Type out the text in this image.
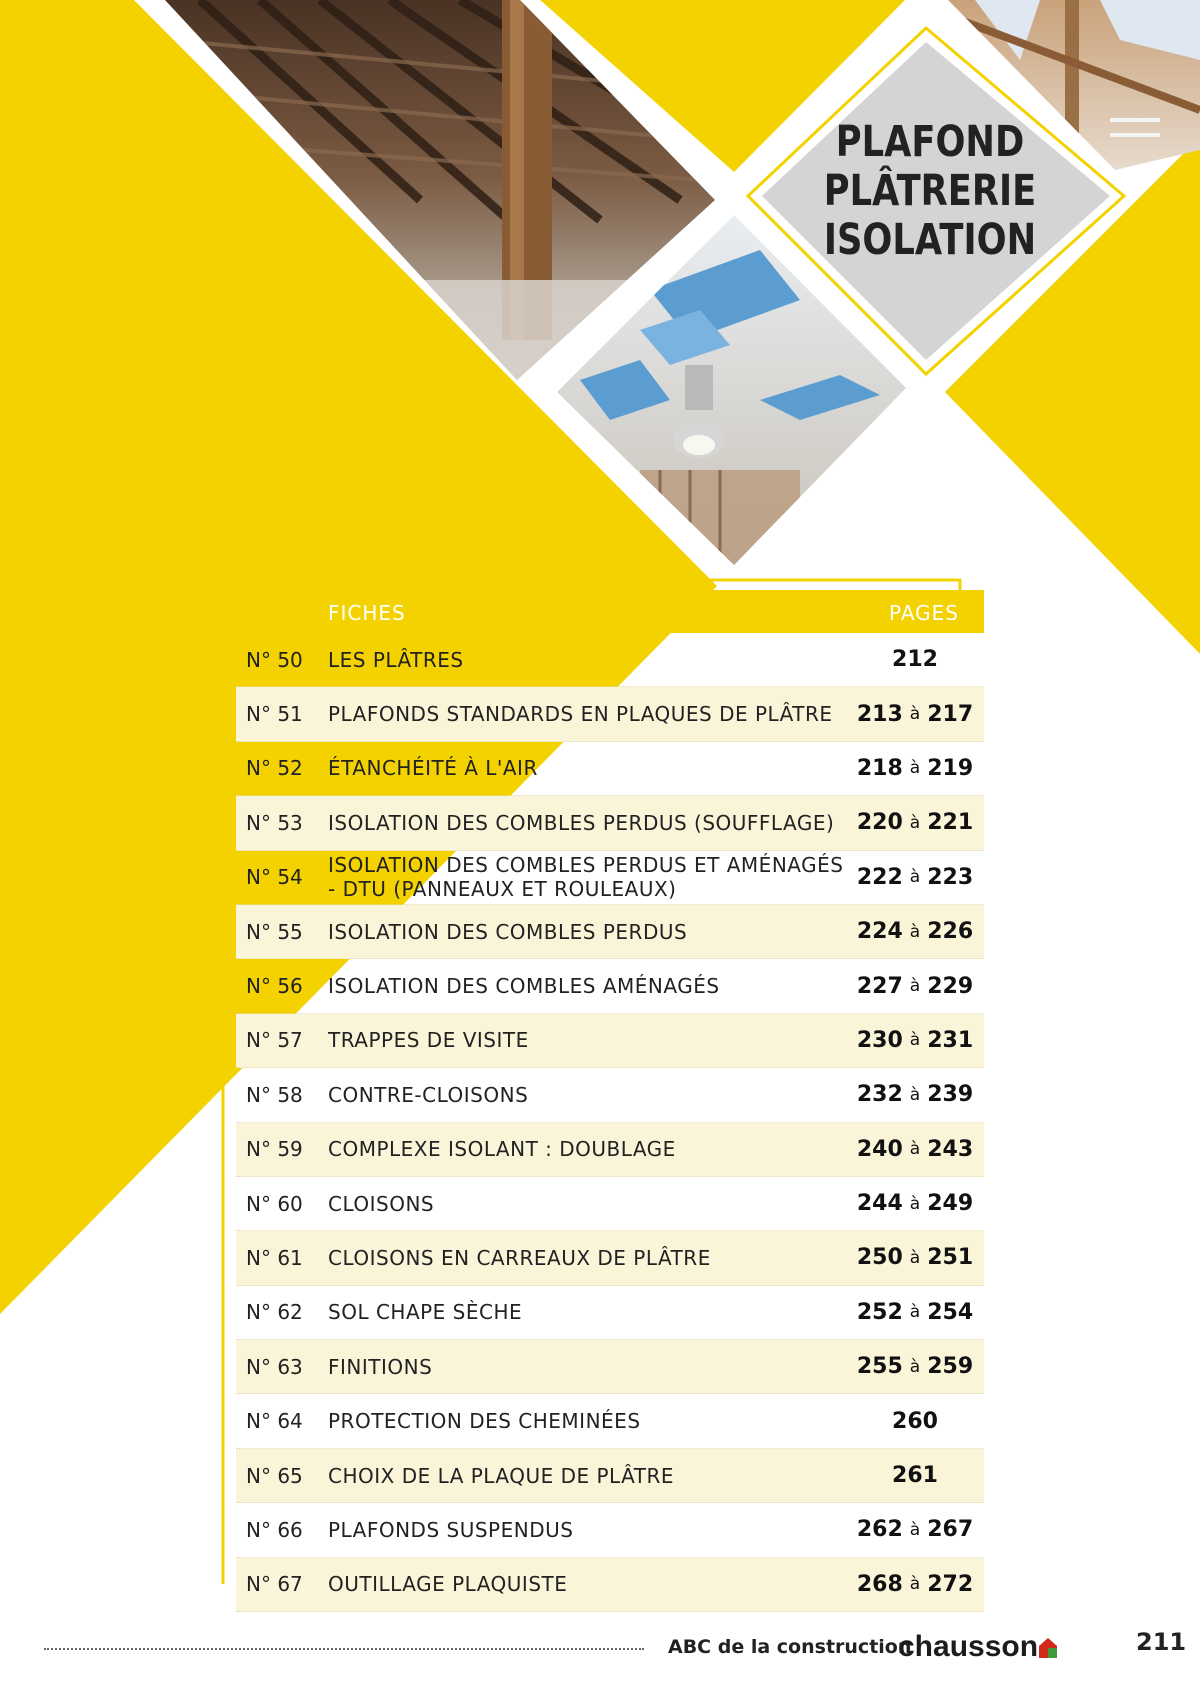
PLAFOND
PLÂTRERIE
ISOLATION
FICHES	PAGES
N° 50 LES PLÂTRES	212
N° 51 PLAFONDS STANDARDS EN PLAQUES DE PLÂTRE	213 à 217
N° 52 ÉTANCHÉITÉ À L'AIR	218 à 219
N° 53 ISOLATION DES COMBLES PERDUS (SOUFFLAGE)	220 à 221
N° 54 ISOLATION DES COMBLES PERDUS ET AMÉNAGÉS - DTU (PANNEAUX ET ROULEAUX)	222 à 223
N° 55 ISOLATION DES COMBLES PERDUS	224 à 226
N° 56 ISOLATION DES COMBLES AMÉNAGÉS	227 à 229
N° 57 TRAPPES DE VISITE	230 à 231
N° 58 CONTRE-CLOISONS	232 à 239
N° 59 COMPLEXE ISOLANT : DOUBLAGE	240 à 243
N° 60 CLOISONS	244 à 249
N° 61 CLOISONS EN CARREAUX DE PLÂTRE	250 à 251
N° 62 SOL CHAPE SÈCHE	252 à 254
N° 63 FINITIONS	255 à 259
N° 64 PROTECTION DES CHEMINÉES	260
N° 65 CHOIX DE LA PLAQUE DE PLÂTRE	261
N° 66 PLAFONDS SUSPENDUS	262 à 267
N° 67 OUTILLAGE PLAQUISTE	268 à 272
ABC de la construction
chausson	211
